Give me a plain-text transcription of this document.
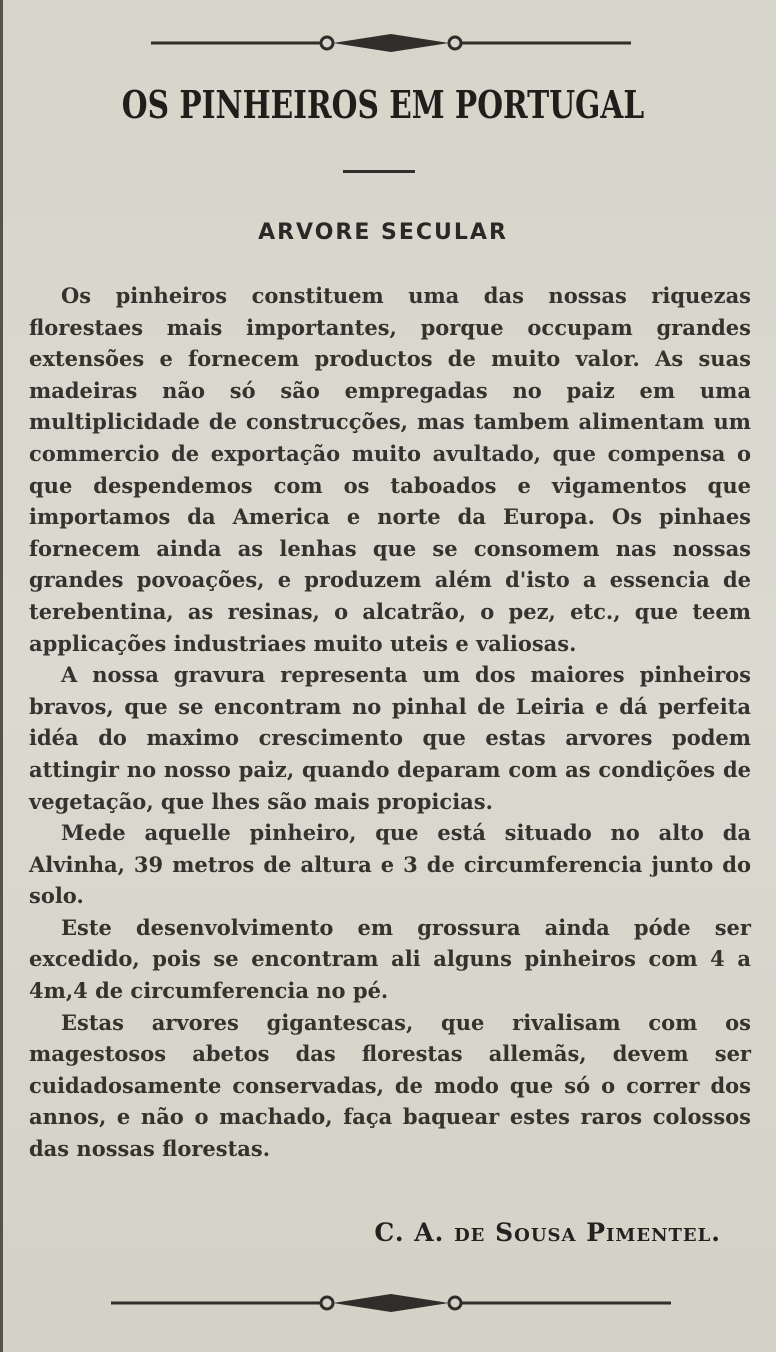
OS PINHEIROS EM PORTUGAL
ARVORE SECULAR

Os pinheiros constituem uma das nossas riquezas florestaes mais importantes, porque occupam grandes extensões e fornecem productos de muito valor. As suas madeiras não só são empregadas no paiz em uma multiplicidade de construcções, mas tambem alimentam um commercio de exportação muito avultado, que compensa o que despendemos com os taboados e vigamentos que importamos da America e norte da Europa. Os pinhaes fornecem ainda as lenhas que se consomem nas nossas grandes povoações, e produzem além d'isto a essencia de terebentina, as resinas, o alcatrão, o pez, etc., que teem applicações industriaes muito uteis e valiosas.

A nossa gravura representa um dos maiores pinheiros bravos, que se encontram no pinhal de Leiria e dá perfeita idéa do maximo crescimento que estas arvores podem attingir no nosso paiz, quando deparam com as condições de vegetação, que lhes são mais propicias.

Mede aquelle pinheiro, que está situado no alto da Alvinha, 39 metros de altura e 3 de circumferencia junto do solo.

Este desenvolvimento em grossura ainda póde ser excedido, pois se encontram ali alguns pinheiros com 4 a 4m,4 de circumferencia no pé.

Estas arvores gigantescas, que rivalisam com os magestosos abetos das florestas allemãs, devem ser cuidadosamente conservadas, de modo que só o correr dos annos, e não o machado, faça baquear estes raros colossos das nossas florestas.

C. A. de Sousa Pimentel.
